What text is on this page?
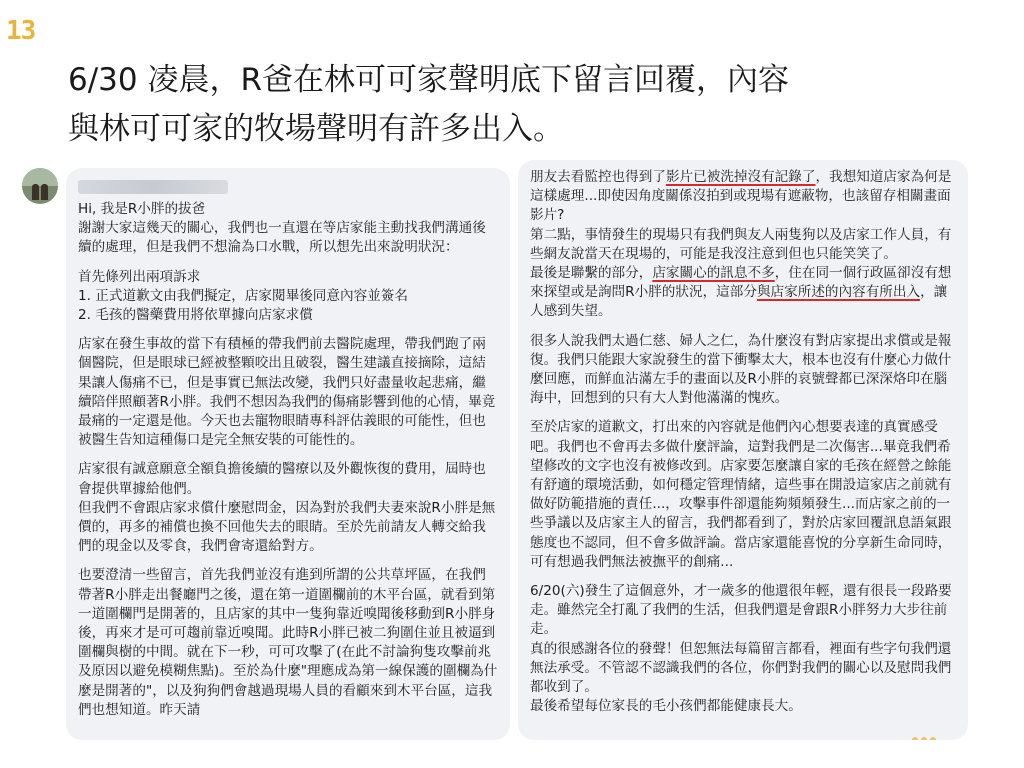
13
6/30 凌晨，R爸在林可可家聲明底下留言回覆，內容
與林可可家的牧場聲明有許多出入。

Hi, 我是R小胖的拔爸
謝謝大家這幾天的關心，我們也一直還在等店家能主動找我們溝通後續的處理，但是我們不想淪為口水戰，所以想先出來說明狀況：

首先條列出兩項訴求
1. 正式道歉文由我們擬定，店家閱畢後同意內容並簽名
2. 毛孩的醫藥費用將依單據向店家求償

店家在發生事故的當下有積極的帶我們前去醫院處理，帶我們跑了兩個醫院，但是眼球已經被整顆咬出且破裂，醫生建議直接摘除，這結果讓人傷痛不已，但是事實已無法改變，我們只好盡量收起悲痛，繼續陪伴照顧著R小胖。我們不想因為我們的傷痛影響到他的心情，畢竟最痛的一定還是他。今天也去寵物眼睛專科評估義眼的可能性，但也被醫生告知這種傷口是完全無安裝的可能性的。

店家很有誠意願意全額負擔後續的醫療以及外觀恢復的費用，屆時也會提供單據給他們。
但我們不會跟店家求償什麼慰問金，因為對於我們夫妻來說R小胖是無價的，再多的補償也換不回他失去的眼睛。至於先前請友人轉交給我們的現金以及零食，我們會寄還給對方。

也要澄清一些留言，首先我們並沒有進到所謂的公共草坪區，在我們帶著R小胖走出餐廳門之後，還在第一道圍欄前的木平台區，就看到第一道圍欄門是開著的，且店家的其中一隻狗靠近嗅聞後移動到R小胖身後，再來才是可可趨前靠近嗅聞。此時R小胖已被二狗圍住並且被逼到圍欄與樹的中間。就在下一秒，可可攻擊了(在此不討論狗隻攻擊前兆及原因以避免模糊焦點)。至於為什麼"理應成為第一線保護的圍欄為什麼是開著的"，以及狗狗們會越過現場人員的看顧來到木平台區，這我們也想知道。昨天請

朋友去看監控也得到了影片已被洗掉沒有記錄了，我想知道店家為何是這樣處理...即使因角度關係沒拍到或現場有遮蔽物，也該留存相關畫面影片?
第二點，事情發生的現場只有我們與友人兩隻狗以及店家工作人員，有些網友說當天在現場的，可能是我沒注意到但也只能笑笑了。
最後是聯繫的部分，店家關心的訊息不多，住在同一個行政區卻沒有想來探望或是詢問R小胖的狀況，這部分與店家所述的內容有所出入，讓人感到失望。

很多人說我們太過仁慈、婦人之仁，為什麼沒有對店家提出求償或是報復。我們只能跟大家說發生的當下衝擊太大，根本也沒有什麼心力做什麼回應，而鮮血沾滿左手的畫面以及R小胖的哀號聲都已深深烙印在腦海中，回想到的只有大人對他滿滿的愧疚。

至於店家的道歉文，打出來的內容就是他們內心想要表達的真實感受吧。我們也不會再去多做什麼評論，這對我們是二次傷害...畢竟我們希望修改的文字也沒有被修改到。店家要怎麼讓自家的毛孩在經營之餘能有舒適的環境活動，如何穩定管理情緒，這些事在開設這家店之前就有做好防範措施的責任...，攻擊事件卻還能夠頻頻發生...而店家之前的一些爭議以及店家主人的留言，我們都看到了，對於店家回覆訊息語氣跟態度也不認同，但不會多做評論。當店家還能喜悅的分享新生命同時，可有想過我們無法被撫平的創痛...

6/20(六)發生了這個意外，才一歲多的他還很年輕，還有很長一段路要走。雖然完全打亂了我們的生活，但我們還是會跟R小胖努力大步往前走。
真的很感謝各位的發聲！但恕無法每篇留言都看，裡面有些字句我們還無法承受。不管認不認識我們的各位，你們對我們的關心以及慰問我們都收到了。
最後希望每位家長的毛小孩們都能健康長大。
